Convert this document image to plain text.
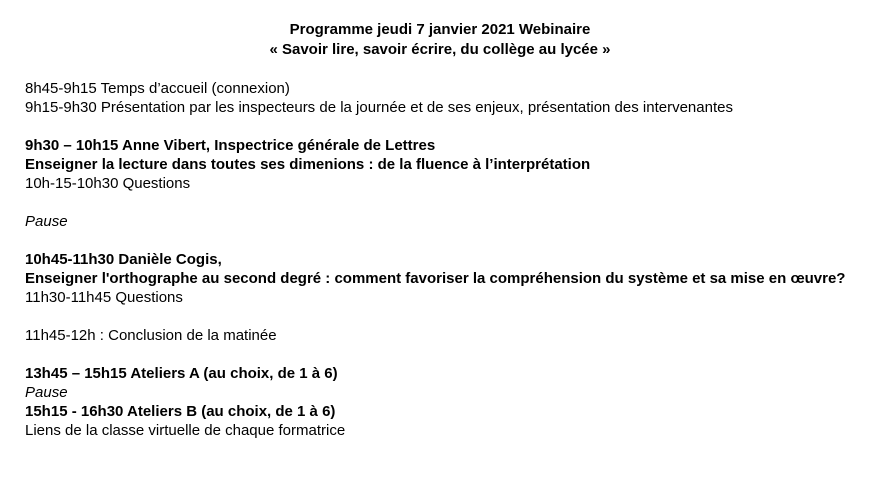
Programme jeudi 7 janvier 2021 Webinaire
« Savoir lire, savoir écrire, du collège au lycée »
8h45-9h15 Temps d’accueil (connexion)
9h15-9h30 Présentation par les inspecteurs de la journée et de ses enjeux, présentation des intervenantes
9h30 – 10h15 Anne Vibert, Inspectrice générale de Lettres
Enseigner la lecture dans toutes ses dimenions : de la fluence à l’interprétation
10h-15-10h30 Questions
Pause
10h45-11h30 Danièle Cogis,
Enseigner l'orthographe au second degré : comment favoriser la compréhension du système et sa mise en œuvre?
11h30-11h45 Questions
11h45-12h : Conclusion de la matinée
13h45 – 15h15 Ateliers A (au choix, de 1 à 6)
Pause
15h15 - 16h30 Ateliers B (au choix, de 1 à 6)
Liens de la classe virtuelle de chaque formatrice
